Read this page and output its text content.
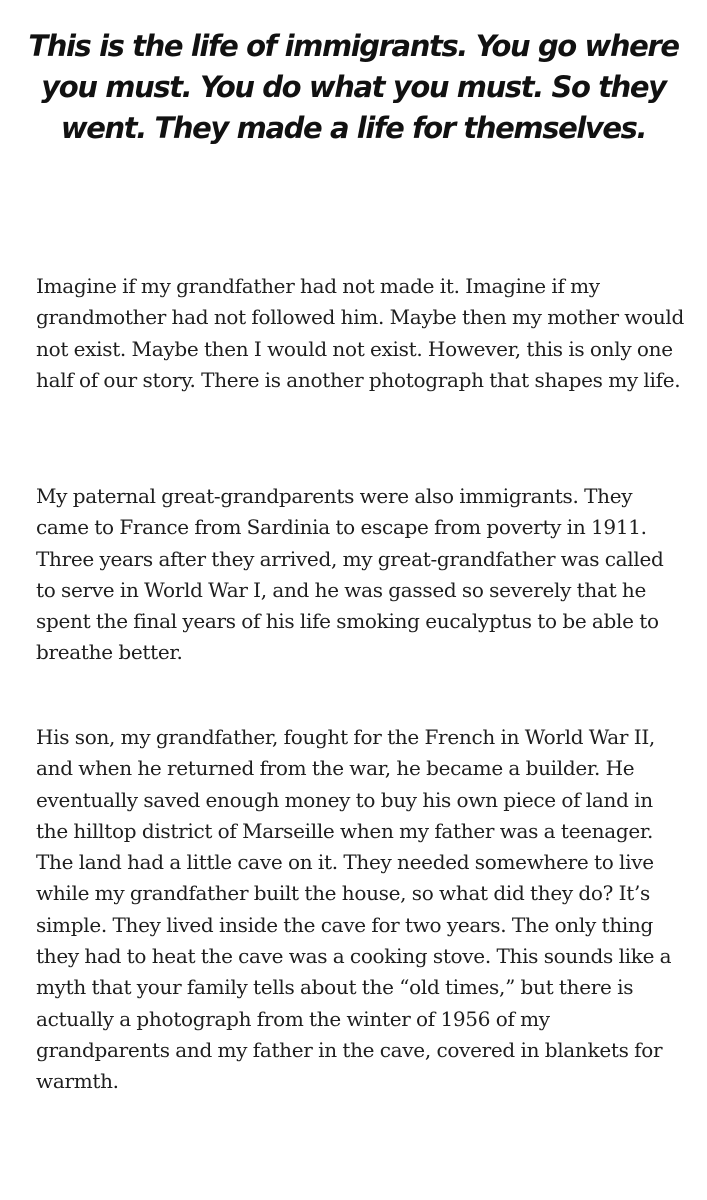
This is the life of immigrants. You go where you must. You do what you must. So they went. They made a life for themselves.

Imagine if my grandfather had not made it. Imagine if my grandmother had not followed him. Maybe then my mother would not exist. Maybe then I would not exist. However, this is only one half of our story. There is another photograph that shapes my life.

My paternal great-grandparents were also immigrants. They came to France from Sardinia to escape from poverty in 1911. Three years after they arrived, my great-grandfather was called to serve in World War I, and he was gassed so severely that he spent the final years of his life smoking eucalyptus to be able to breathe better.

His son, my grandfather, fought for the French in World War II, and when he returned from the war, he became a builder. He eventually saved enough money to buy his own piece of land in the hilltop district of Marseille when my father was a teenager. The land had a little cave on it. They needed somewhere to live while my grandfather built the house, so what did they do? It’s simple. They lived inside the cave for two years. The only thing they had to heat the cave was a cooking stove. This sounds like a myth that your family tells about the “old times,” but there is actually a photograph from the winter of 1956 of my grandparents and my father in the cave, covered in blankets for warmth.
